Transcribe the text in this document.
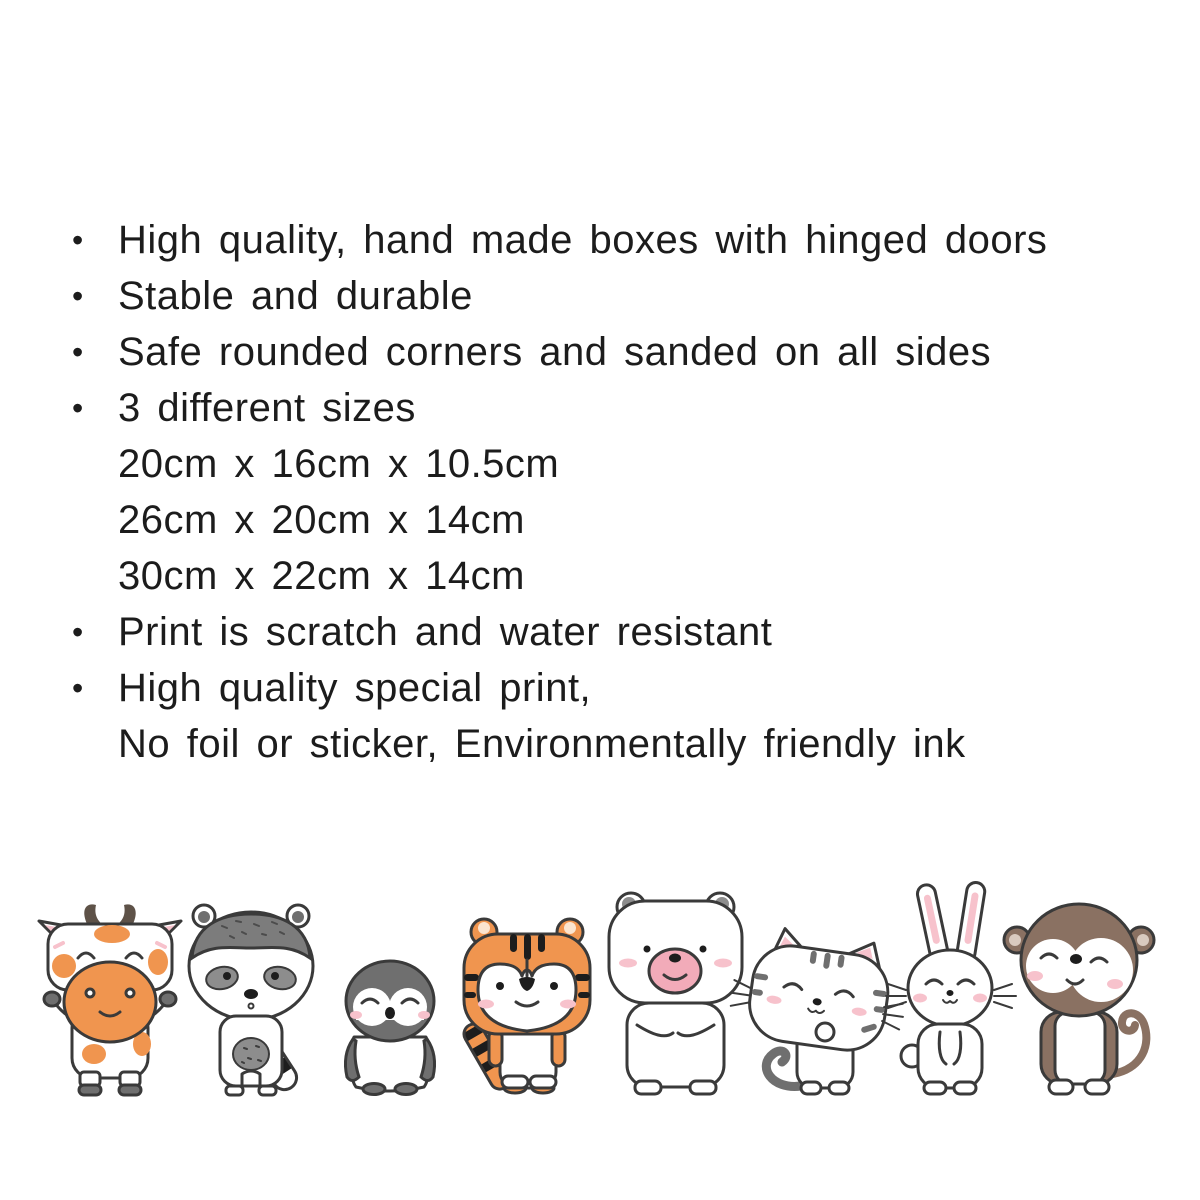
• High quality, hand made boxes with hinged doors
• Stable and durable
• Safe rounded corners and sanded on all sides
• 3 different sizes
20cm x 16cm x 10.5cm
26cm x 20cm x 14cm
30cm x 22cm x 14cm
• Print is scratch and water resistant
• High quality special print,
No foil or sticker, Environmentally friendly ink
